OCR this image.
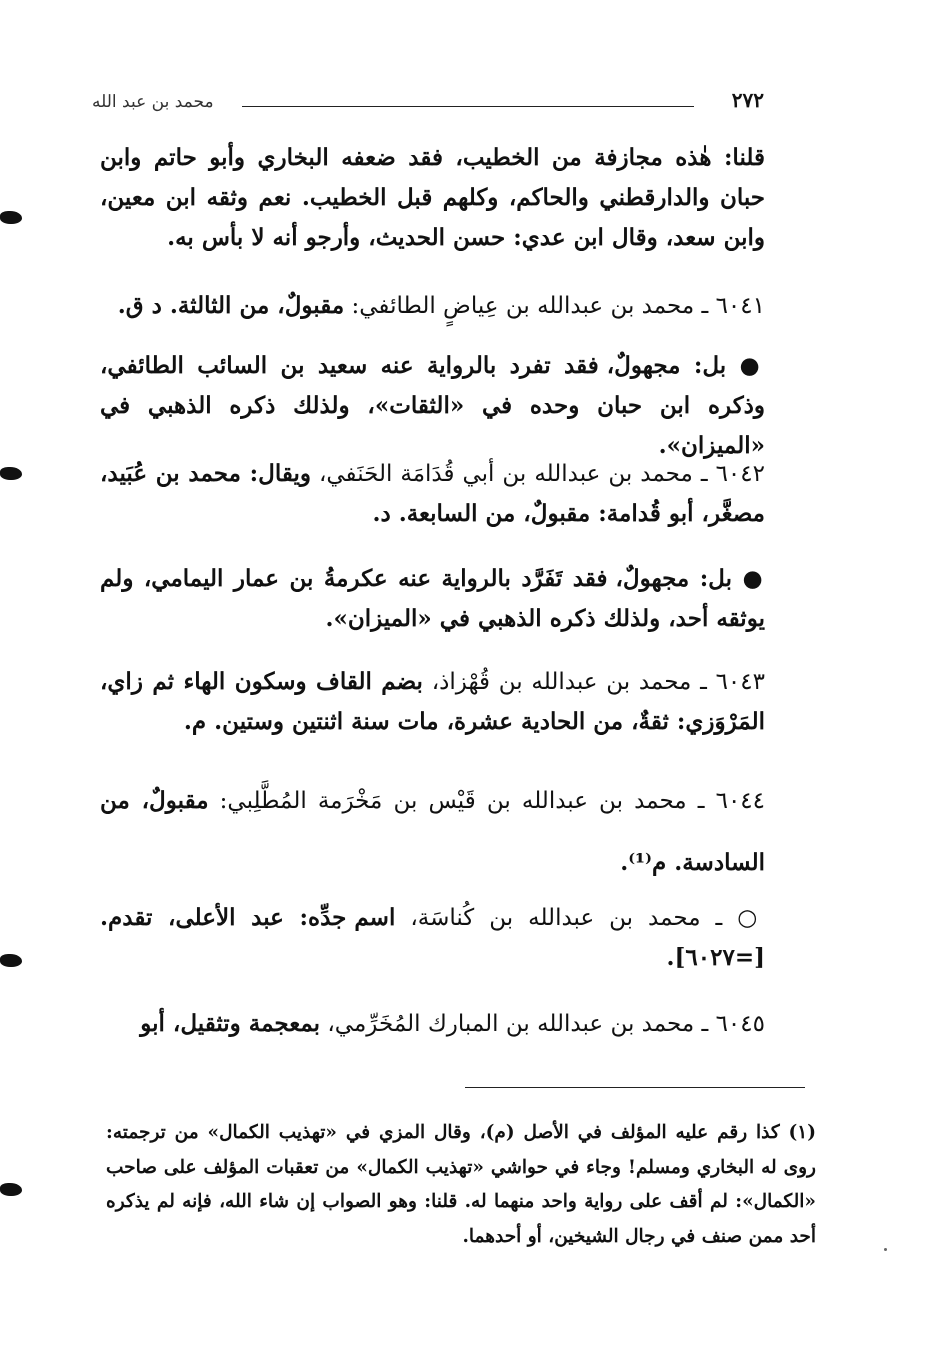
محمد بن عبد الله	٢٧٢
قلنا: هٰذه مجازفة من الخطيب، فقد ضعفه البخاري وأبو حاتم وابن حبان والدارقطني والحاكم، وكلهم قبل الخطيب. نعم وثقه ابن معين، وابن سعد، وقال ابن عدي: حسن الحديث، وأرجو أنه لا بأس به.
٦٠٤١ ـ محمد بن عبدالله بن عِياضٍ الطائفي: مقبولٌ، من الثالثة. د ق.
● بل: مجهولٌ، فقد تفرد بالرواية عنه سعيد بن السائب الطائفي، وذكره ابن حبان وحده في «الثقات»، ولذلك ذكره الذهبي في «الميزان».
٦٠٤٢ ـ محمد بن عبدالله بن أبي قُدَامَة الحَنَفي، ويقال: محمد بن عُبَيد، مصغَّر، أبو قُدامة: مقبولٌ، من السابعة. د.
● بل: مجهولٌ، فقد تَفَرَّد بالرواية عنه عكرمةُ بن عمار اليمامي، ولم يوثقه أحد، ولذلك ذكره الذهبي في «الميزان».
٦٠٤٣ ـ محمد بن عبدالله بن قُهْزاذ، بضم القاف وسكون الهاء ثم زاي، المَرْوَزي: ثقةٌ، من الحادية عشرة، مات سنة اثنتين وستين. م.
٦٠٤٤ ـ محمد بن عبدالله بن قَيْس بن مَخْرَمة المُطَّلِبي: مقبولٌ، من السادسة. م⁽¹⁾.
○ ـ محمد بن عبدالله بن كُناسَة، اسم جدِّه: عبد الأعلى، تقدم. [=٦٠٢٧].
٦٠٤٥ ـ محمد بن عبدالله بن المبارك المُخَرِّمي، بمعجمة وتثقيل، أبو
(١) كذا رقم عليه المؤلف في الأصل (م)، وقال المزي في «تهذيب الكمال» من ترجمته: روى له البخاري ومسلم! وجاء في حواشي «تهذيب الكمال» من تعقبات المؤلف على صاحب «الكمال»: لم أقف على رواية واحد منهما له. قلنا: وهو الصواب إن شاء الله، فإنه لم يذكره أحد ممن صنف في رجال الشيخين، أو أحدهما.
